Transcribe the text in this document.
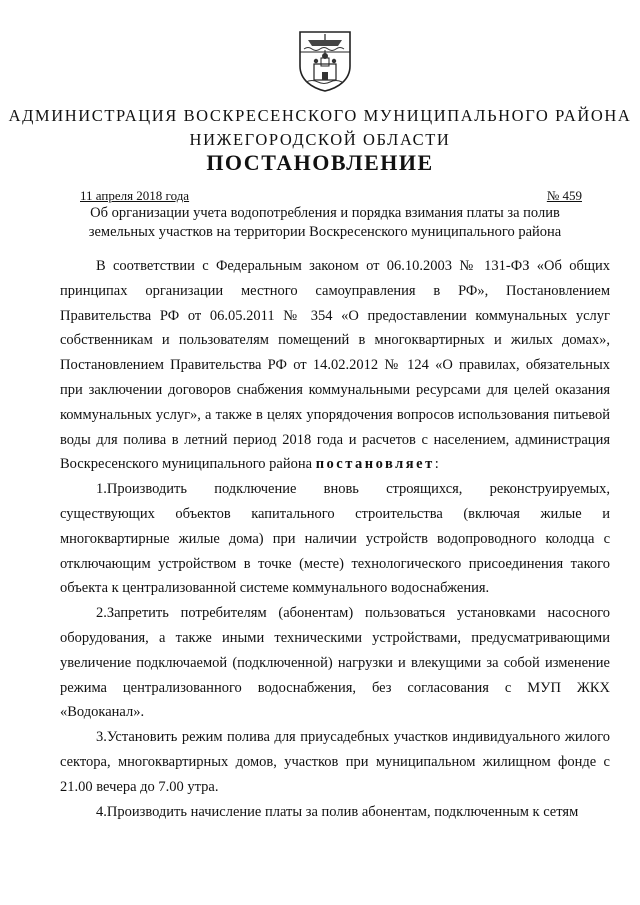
АДМИНИСТРАЦИЯ ВОСКРЕСЕНСКОГО МУНИЦИПАЛЬНОГО РАЙОНА
НИЖЕГОРОДСКОЙ ОБЛАСТИ
ПОСТАНОВЛЕНИЕ
11 апреля 2018 года	№ 459
Об организации учета водопотребления и порядка взимания платы за полив
земельных участков на территории Воскресенского муниципального района

В соответствии с Федеральным законом от 06.10.2003 № 131-ФЗ «Об общих принципах организации местного самоуправления в РФ», Постановлением Правительства РФ от 06.05.2011 № 354 «О предоставлении коммунальных услуг собственникам и пользователям помещений в многоквартирных и жилых домах», Постановлением Правительства РФ от 14.02.2012 № 124 «О правилах, обязательных при заключении договоров снабжения коммунальными ресурсами для целей оказания коммунальных услуг», а также в целях упорядочения вопросов использования питьевой воды для полива в летний период 2018 года и расчетов с населением, администрация Воскресенского муниципального района постановляет:

1.Производить подключение вновь строящихся, реконструируемых, существующих объектов капитального строительства (включая жилые и многоквартирные жилые дома) при наличии устройств водопроводного колодца с отключающим устройством в точке (месте) технологического присоединения такого объекта к централизованной системе коммунального водоснабжения.

2.Запретить потребителям (абонентам) пользоваться установками насосного оборудования, а также иными техническими устройствами, предусматривающими увеличение подключаемой (подключенной) нагрузки и влекущими за собой изменение режима централизованного водоснабжения, без согласования с МУП ЖКХ «Водоканал».

3.Установить режим полива для приусадебных участков индивидуального жилого сектора, многоквартирных домов, участков при муниципальном жилищном фонде с 21.00 вечера до 7.00 утра.

4.Производить начисление платы за полив абонентам, подключенным к сетям
